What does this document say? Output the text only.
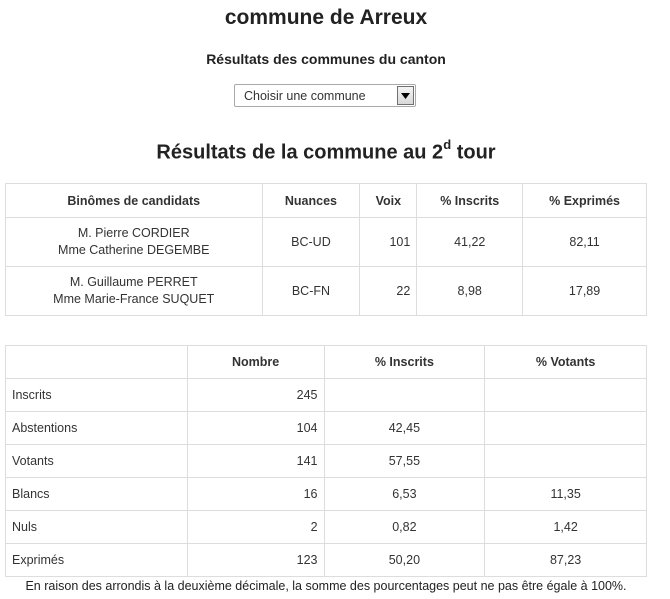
commune de Arreux
Résultats des communes du canton
Choisir une commune
Résultats de la commune au 2$^d$ tour
Binômes de candidats	Nuances	Voix	% Inscrits	% Exprimés
M. Pierre CORDIER
Mme Catherine DEGEMBE	BC-UD	101	41,22	82,11
M. Guillaume PERRET
Mme Marie-France SUQUET	BC-FN	22	8,98	17,89
	Nombre	% Inscrits	% Votants
Inscrits	245		
Abstentions	104	42,45	
Votants	141	57,55	
Blancs	16	6,53	11,35
Nuls	2	0,82	1,42
Exprimés	123	50,20	87,23
En raison des arrondis à la deuxième décimale, la somme des pourcentages peut ne pas être égale à 100%.
